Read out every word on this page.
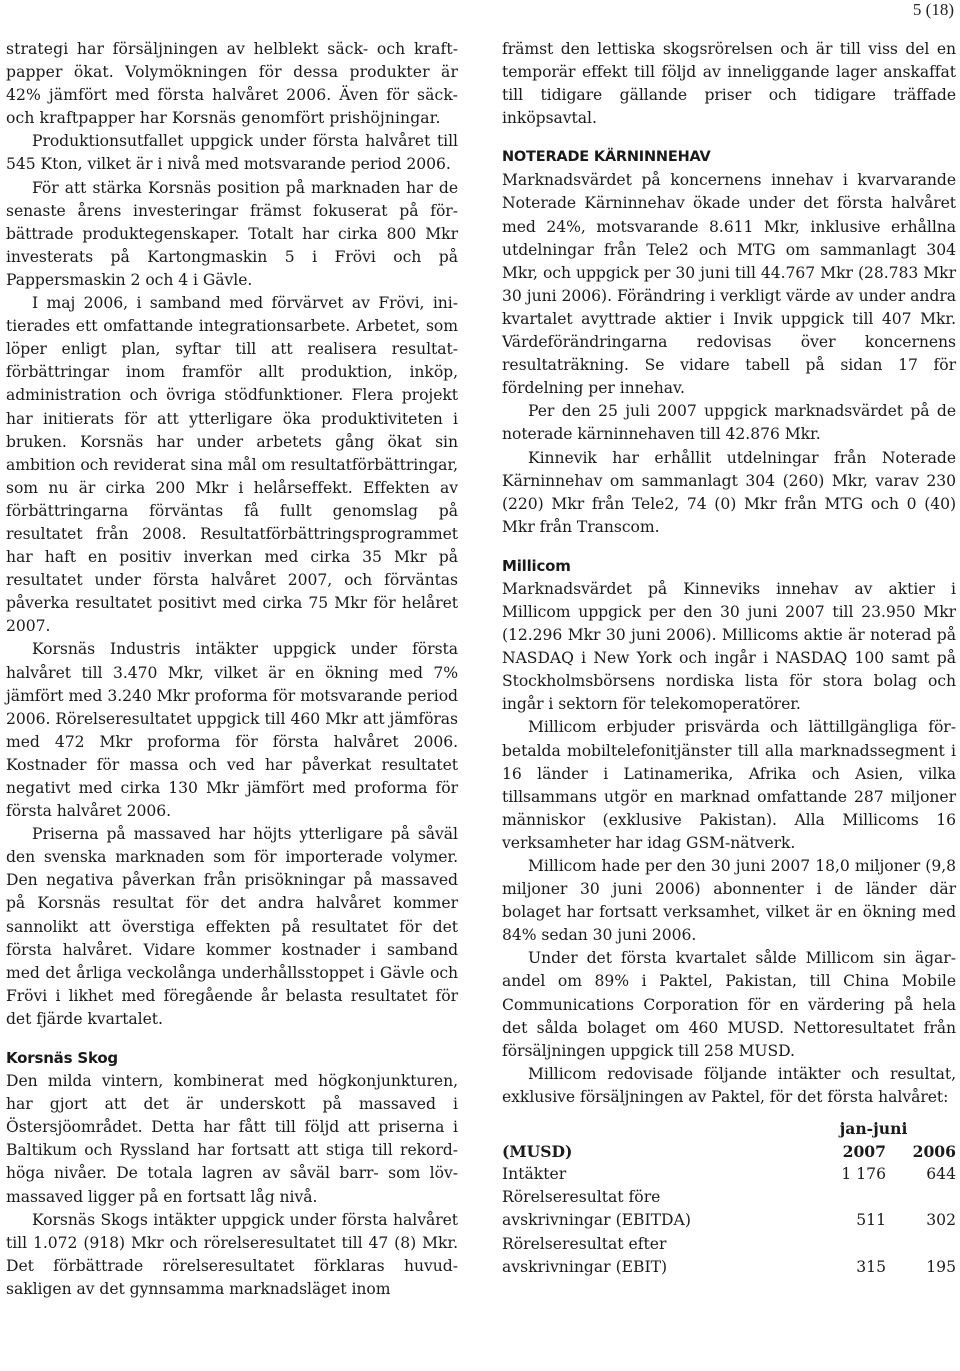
5 (18)

strategi har försäljningen av helblekt säck- och kraftpapper ökat. Volymökningen för dessa produkter är 42% jämfört med första halvåret 2006. Även för säck- och kraftpapper har Korsnäs genomfört prishöjningar.

Produktionsutfallet uppgick under första halvåret till 545 Kton, vilket är i nivå med motsvarande period 2006.

För att stärka Korsnäs position på marknaden har de senaste årens investeringar främst fokuserat på förbättrade produktegenskaper. Totalt har cirka 800 Mkr investerats på Kartongmaskin 5 i Frövi och på Pappersmaskin 2 och 4 i Gävle.

I maj 2006, i samband med förvärvet av Frövi, initierades ett omfattande integrationsarbete. Arbetet, som löper enligt plan, syftar till att realisera resultatförbättringar inom framför allt produktion, inköp, administration och övriga stödfunktioner. Flera projekt har initierats för att ytterligare öka produktiviteten i bruken. Korsnäs har under arbetets gång ökat sin ambition och reviderat sina mål om resultatförbättringar, som nu är cirka 200 Mkr i helårseffekt. Effekten av förbättringarna förväntas få fullt genomslag på resultatet från 2008. Resultatförbättringsprogrammet har haft en positiv inverkan med cirka 35 Mkr på resultatet under första halvåret 2007, och förväntas påverka resultatet positivt med cirka 75 Mkr för helåret 2007.

Korsnäs Industris intäkter uppgick under första halvåret till 3.470 Mkr, vilket är en ökning med 7% jämfört med 3.240 Mkr proforma för motsvarande period 2006. Rörelseresultatet uppgick till 460 Mkr att jämföras med 472 Mkr proforma för första halvåret 2006. Kostnader för massa och ved har påverkat resultatet negativt med cirka 130 Mkr jämfört med proforma för första halvåret 2006.

Priserna på massaved har höjts ytterligare på såväl den svenska marknaden som för importerade volymer. Den negativa påverkan från prisökningar på massaved på Korsnäs resultat för det andra halvåret kommer sannolikt att överstiga effekten på resultatet för det första halvåret. Vidare kommer kostnader i samband med det årliga veckolånga underhållsstoppet i Gävle och Frövi i likhet med föregående år belasta resultatet för det fjärde kvartalet.

Korsnäs Skog

Den milda vintern, kombinerat med högkonjunkturen, har gjort att det är underskott på massaved i Östersjöområdet. Detta har fått till följd att priserna i Baltikum och Ryssland har fortsatt att stiga till rekordhöga nivåer. De totala lagren av såväl barr- som lövmassaved ligger på en fortsatt låg nivå.

Korsnäs Skogs intäkter uppgick under första halvåret till 1.072 (918) Mkr och rörelseresultatet till 47 (8) Mkr. Det förbättrade rörelseresultatet förklaras huvudsakligen av det gynnsamma marknadsläget inom

främst den lettiska skogsrörelsen och är till viss del en temporär effekt till följd av inneliggande lager anskaffat till tidigare gällande priser och tidigare träffade inköpsavtal.

NOTERADE KÄRNINNEHAV

Marknadsvärdet på koncernens innehav i kvarvarande Noterade Kärninnehav ökade under det första halvåret med 24%, motsvarande 8.611 Mkr, inklusive erhållna utdelningar från Tele2 och MTG om sammanlagt 304 Mkr, och uppgick per 30 juni till 44.767 Mkr (28.783 Mkr 30 juni 2006). Förändring i verkligt värde av under andra kvartalet avyttrade aktier i Invik uppgick till 407 Mkr. Värdeförändringarna redovisas över koncernens resultaträkning. Se vidare tabell på sidan 17 för fördelning per innehav.

Per den 25 juli 2007 uppgick marknadsvärdet på de noterade kärninnehaven till 42.876 Mkr.

Kinnevik har erhållit utdelningar från Noterade Kärninnehav om sammanlagt 304 (260) Mkr, varav 230 (220) Mkr från Tele2, 74 (0) Mkr från MTG och 0 (40) Mkr från Transcom.

Millicom

Marknadsvärdet på Kinneviks innehav av aktier i Millicom uppgick per den 30 juni 2007 till 23.950 Mkr (12.296 Mkr 30 juni 2006). Millicoms aktie är noterad på NASDAQ i New York och ingår i NASDAQ 100 samt på Stockholmsbörsens nordiska lista för stora bolag och ingår i sektorn för telekomoperatörer.

Millicom erbjuder prisvärda och lättillgängliga förbetalda mobiltelefonitjänster till alla marknadssegment i 16 länder i Latinamerika, Afrika och Asien, vilka tillsammans utgör en marknad omfattande 287 miljoner människor (exklusive Pakistan). Alla Millicoms 16 verksamheter har idag GSM-nätverk.

Millicom hade per den 30 juni 2007 18,0 miljoner (9,8 miljoner 30 juni 2006) abonnenter i de länder där bolaget har fortsatt verksamhet, vilket är en ökning med 84% sedan 30 juni 2006.

Under det första kvartalet sålde Millicom sin ägarandel om 89% i Paktel, Pakistan, till China Mobile Communications Corporation för en värdering på hela det sålda bolaget om 460 MUSD. Nettoresultatet från försäljningen uppgick till 258 MUSD.

Millicom redovisade följande intäkter och resultat, exklusive försäljningen av Paktel, för det första halvåret:

	jan-juni	
(MUSD)	2007	2006
Intäkter	1 176	644
Rörelseresultat före		
avskrivningar (EBITDA)	511	302
Rörelseresultat efter		
avskrivningar (EBIT)	315	195
